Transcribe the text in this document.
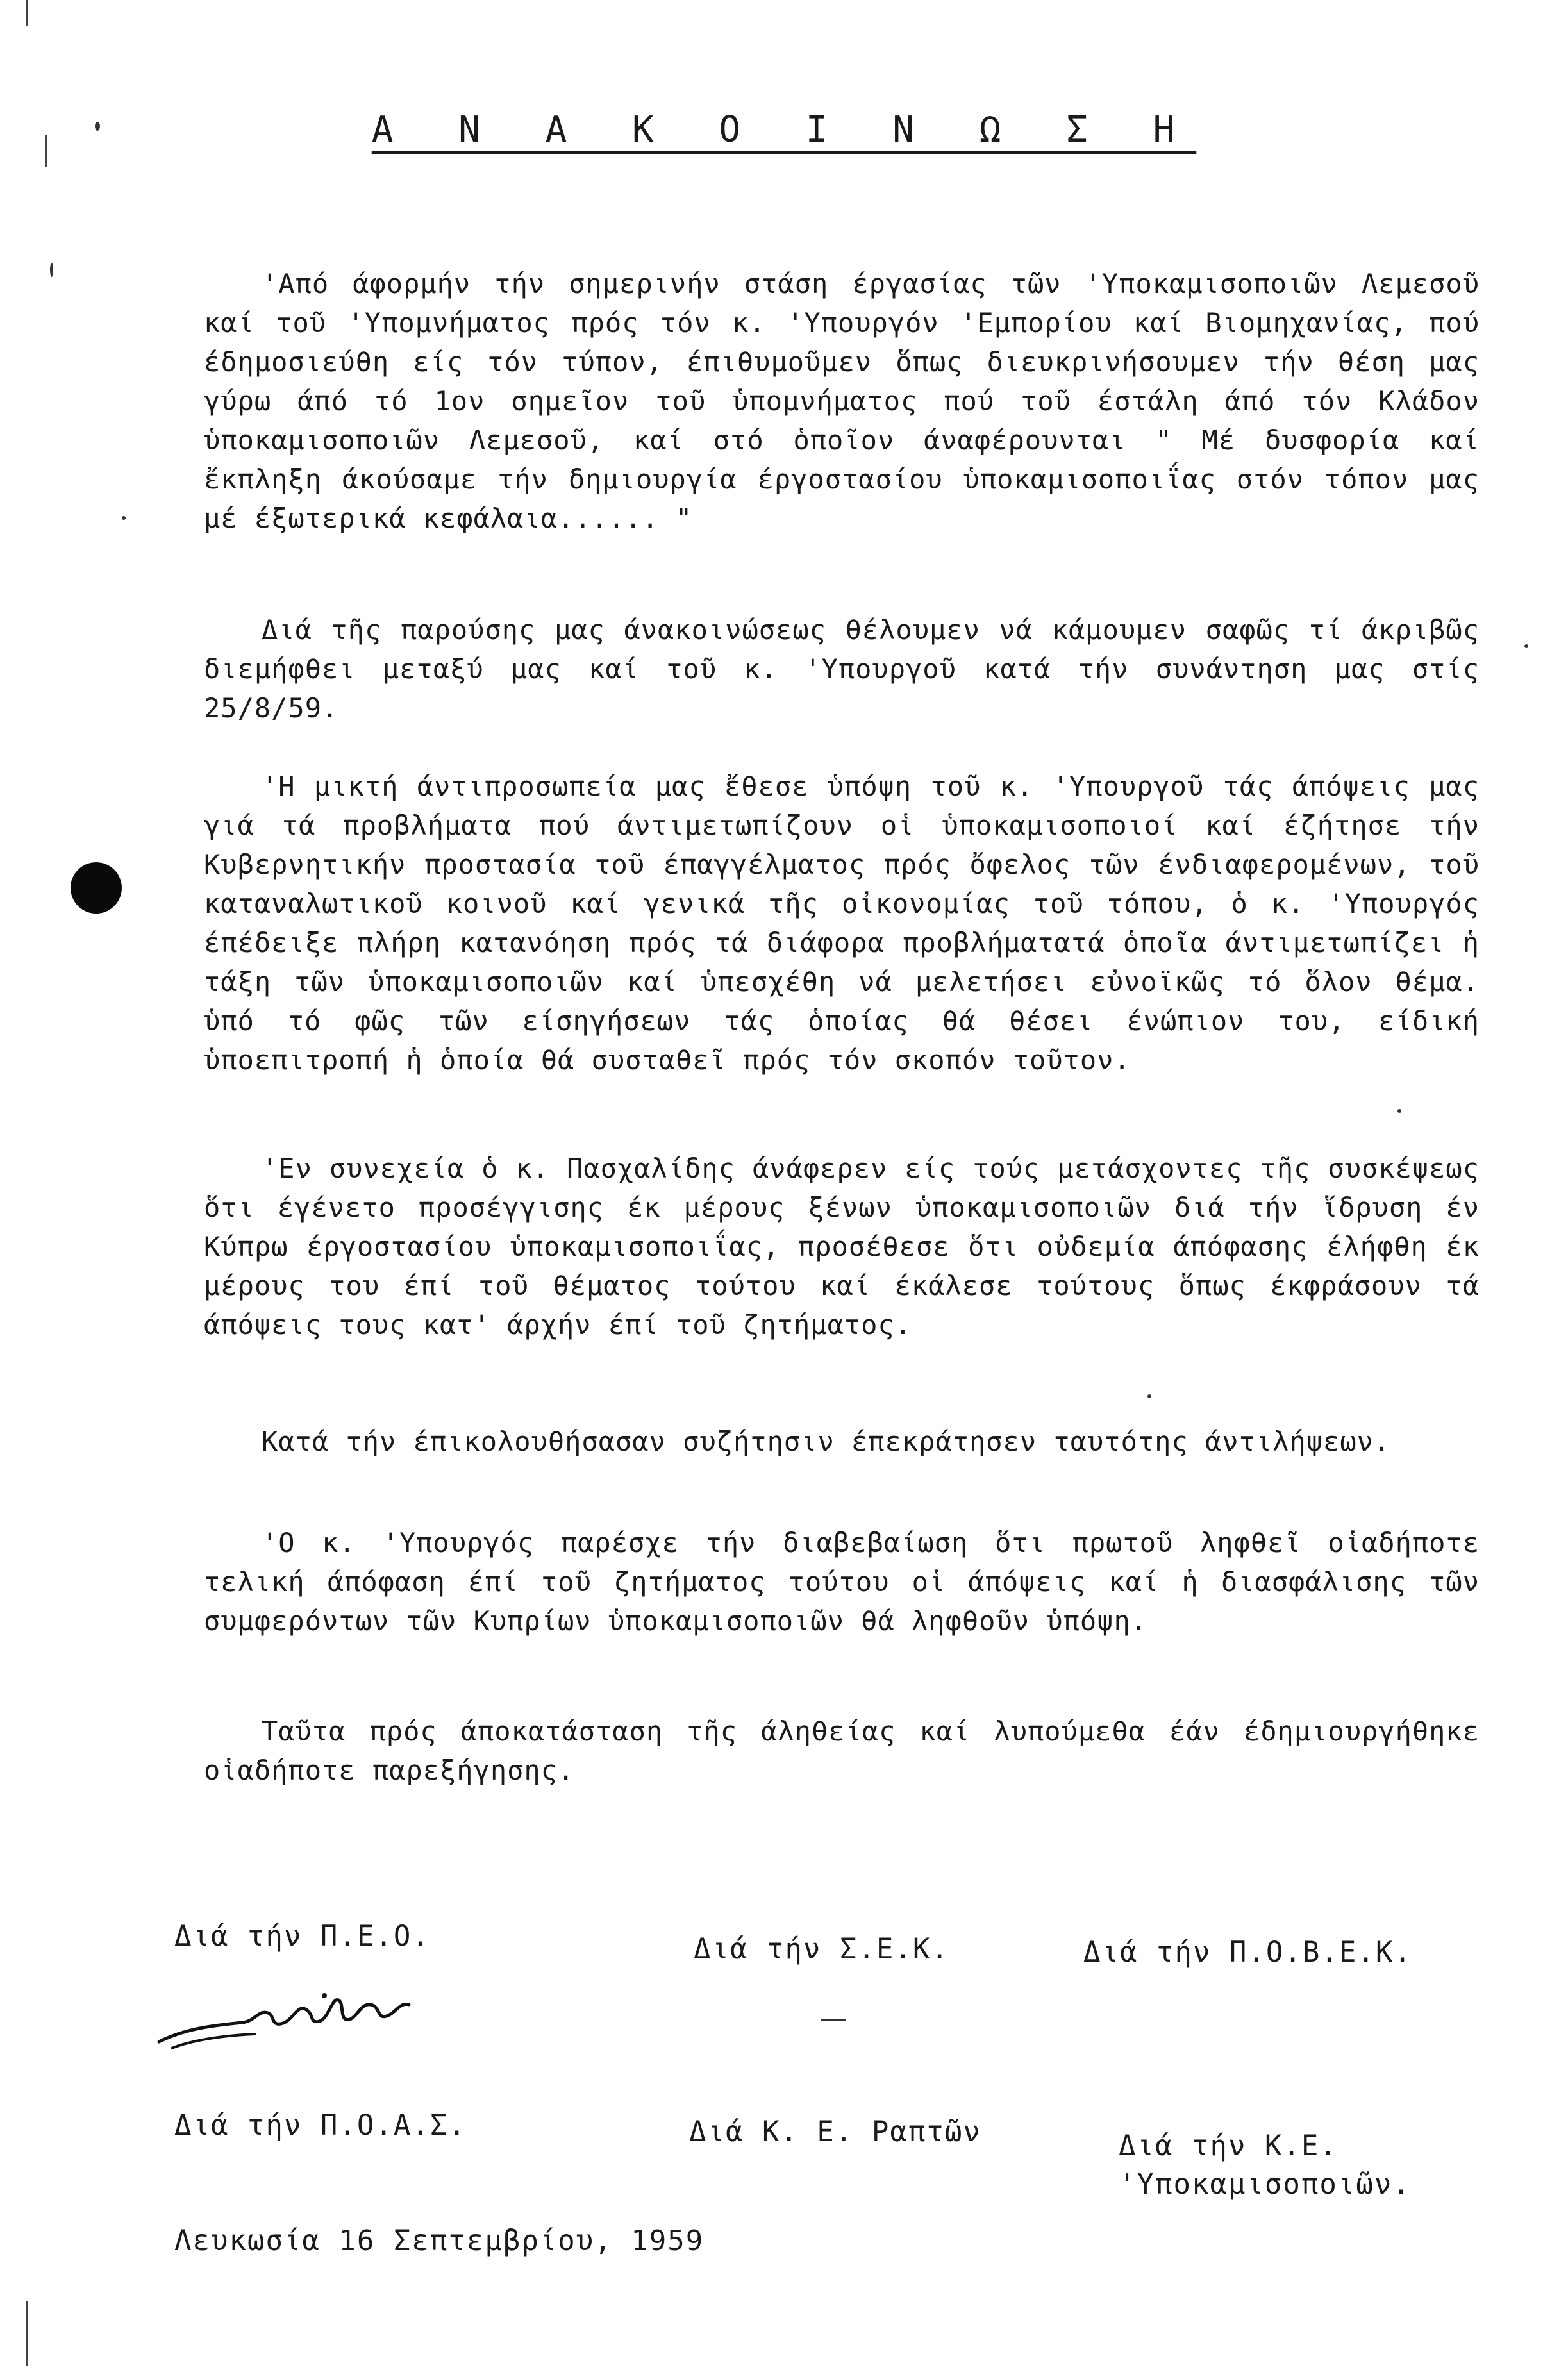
Α Ν Α Κ Ο Ι Ν Ω Σ Η

'Από άφορμήν τήν σημερινήν στάση έργασίας τῶν 'Υποκαμισοποιῶν Λεμεσοῦ καί τοῦ 'Υπομνήματος πρός τόν κ. 'Υπουργόν 'Εμπορίου καί Βιομηχανίας, πού έδημοσιεύθη είς τόν τύπον, έπιθυμοῦμεν ὅπως διευκρινήσουμεν τήν θέση μας γύρω άπό τό 1ον σημεῖον τοῦ ὑπομνήματος πού τοῦ έστάλη άπό τόν Κλάδον ὑποκαμισοποιῶν Λεμεσοῦ, καί στό ὁποῖον άναφέρουνται " Μέ δυσφορία καί ἔκπληξη άκούσαμε τήν δημιουργία έργοστασίου ὑποκαμισοποιΐας στόν τόπον μας μέ έξωτερικά κεφάλαια...... "

Διά τῆς παρούσης μας άνακοινώσεως θέλουμεν νά κάμουμεν σαφῶς τί άκριβῶς διεμήφθει μεταξύ μας καί τοῦ κ. 'Υπουργοῦ κατά τήν συνάντηση μας στίς 25/8/59.

'Η μικτή άντιπροσωπεία μας ἔθεσε ὑπόψη τοῦ κ. 'Υπουργοῦ τάς άπόψεις μας γιά τά προβλήματα πού άντιμετωπίζουν οἱ ὑποκαμισοποιοί καί έζήτησε τήν Κυβερνητικήν προστασία τοῦ έπαγγέλματος πρός ὄφελος τῶν ένδιαφερομένων, τοῦ καταναλωτικοῦ κοινοῦ καί γενικά τῆς οἰκονομίας τοῦ τόπου, ὁ κ. 'Υπουργός έπέδειξε πλήρη κατανόηση πρός τά διάφορα προβλήματατά ὁποῖα άντιμετωπίζει ἡ τάξη τῶν ὑποκαμισοποιῶν καί ὑπεσχέθη νά μελετήσει εὐνοϊκῶς τό ὅλον θέμα. ὑπό τό φῶς τῶν είσηγήσεων τάς ὁποίας θά θέσει ένώπιον του, είδική ὑποεπιτροπή ἡ ὁποία θά συσταθεῖ πρός τόν σκοπόν τοῦτον.

'Εν συνεχεία ὁ κ. Πασχαλίδης άνάφερεν είς τούς μετάσχοντες τῆς συσκέψεως ὅτι έγένετο προσέγγισης έκ μέρους ξένων ὑποκαμισοποιῶν διά τήν ἵδρυση έν Κύπρω έργοστασίου ὑποκαμισοποιΐας, προσέθεσε ὅτι οὐδεμία άπόφασης έλήφθη έκ μέρους του έπί τοῦ θέματος τούτου καί έκάλεσε τούτους ὅπως έκφράσουν τά άπόψεις τους κατ' άρχήν έπί τοῦ ζητήματος.

Κατά τήν έπικολουθήσασαν συζήτησιν έπεκράτησεν ταυτότης άντιλήψεων.

'Ο κ. 'Υπουργός παρέσχε τήν διαβεβαίωση ὅτι πρωτοῦ ληφθεῖ οἱαδήποτε τελική άπόφαση έπί τοῦ ζητήματος τούτου οἱ άπόψεις καί ἡ διασφάλισης τῶν συμφερόντων τῶν Κυπρίων ὑποκαμισοποιῶν θά ληφθοῦν ὑπόψη.

Ταῦτα πρός άποκατάσταση τῆς άληθείας καί λυπούμεθα έάν έδημιουργήθηκε οἱαδήποτε παρεξήγησης.

Διά τήν Π.Ε.Ο.	Διά τήν Σ.Ε.Κ.	Διά τήν Π.Ο.Β.Ε.Κ.
Διά τήν Π.Ο.Α.Σ.	Διά Κ. Ε. Ραπτῶν	Διά τήν Κ.Ε.
'Υποκαμισοποιῶν.
Λευκωσία 16 Σεπτεμβρίου, 1959
